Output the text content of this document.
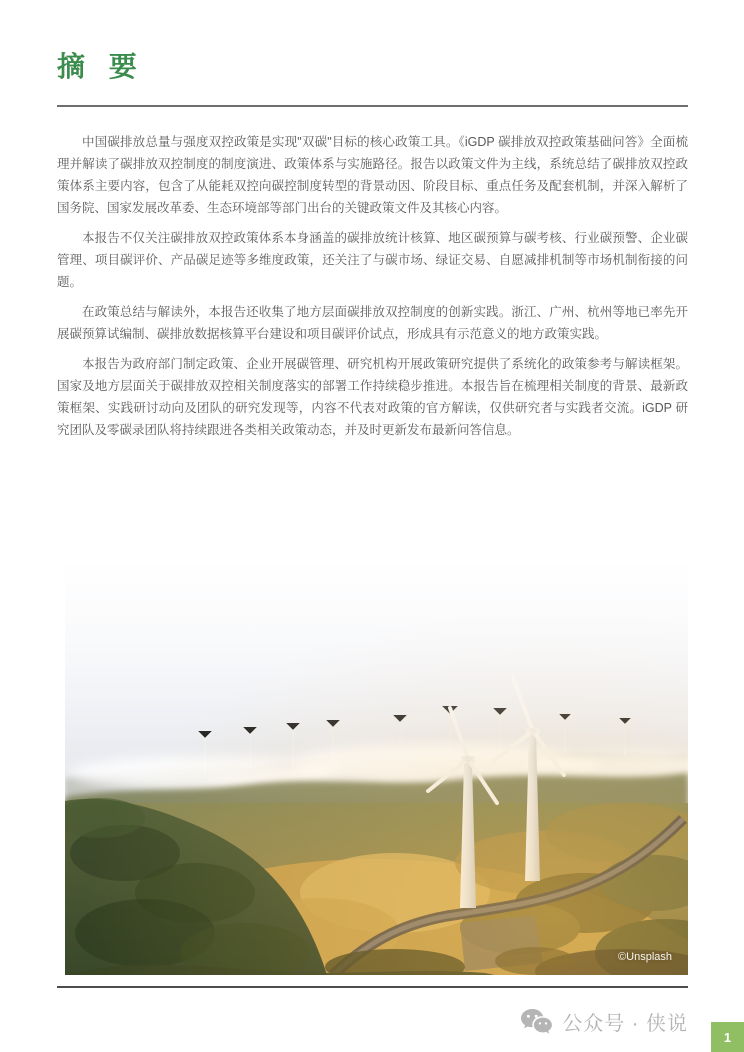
摘 要

中国碳排放总量与强度双控政策是实现"双碳"目标的核心政策工具。《iGDP 碳排放双控政策基础问答》全面梳理并解读了碳排放双控制度的制度演进、政策体系与实施路径。报告以政策文件为主线，系统总结了碳排放双控政策体系主要内容，包含了从能耗双控向碳控制度转型的背景动因、阶段目标、重点任务及配套机制，并深入解析了国务院、国家发展改革委、生态环境部等部门出台的关键政策文件及其核心内容。

本报告不仅关注碳排放双控政策体系本身涵盖的碳排放统计核算、地区碳预算与碳考核、行业碳预警、企业碳管理、项目碳评价、产品碳足迹等多维度政策，还关注了与碳市场、绿证交易、自愿减排机制等市场机制衔接的问题。

在政策总结与解读外，本报告还收集了地方层面碳排放双控制度的创新实践。浙江、广州、杭州等地已率先开展碳预算试编制、碳排放数据核算平台建设和项目碳评价试点，形成具有示范意义的地方政策实践。

本报告为政府部门制定政策、企业开展碳管理、研究机构开展政策研究提供了系统化的政策参考与解读框架。国家及地方层面关于碳排放双控相关制度落实的部署工作持续稳步推进。本报告旨在梳理相关制度的背景、最新政策框架、实践研讨动向及团队的研究发现等，内容不代表对政策的官方解读，仅供研究者与实践者交流。iGDP 研究团队及零碳录团队将持续跟进各类相关政策动态，并及时更新发布最新问答信息。

©Unsplash
公众号 · 侠说
1
